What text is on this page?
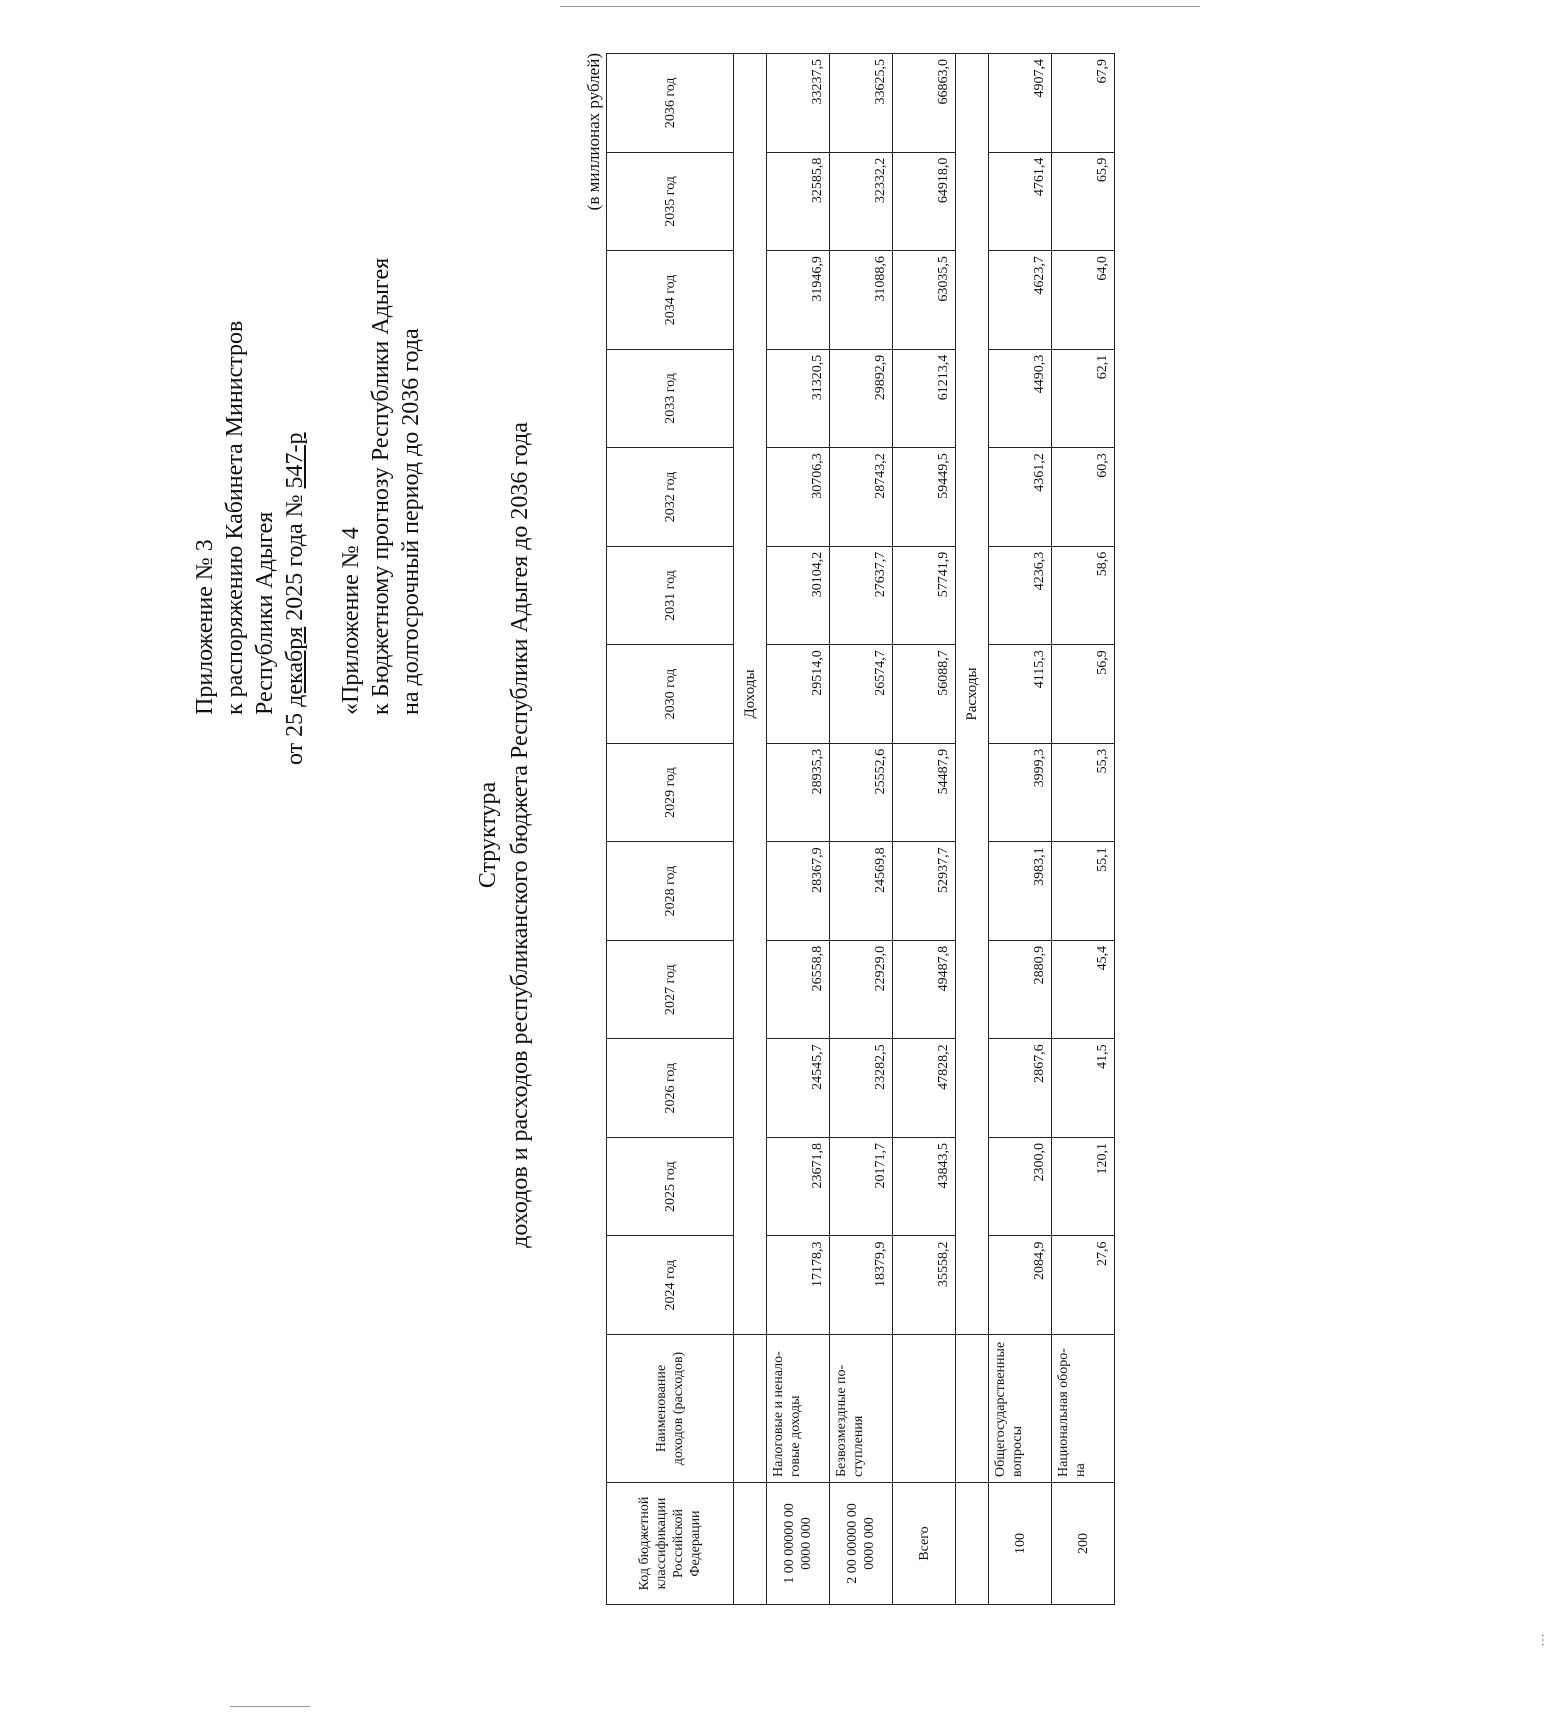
Приложение № 3 к распоряжению Кабинета Министров Республики Адыгея
от 25 декабря 2025 года № 547-р
«Приложение № 4 к Бюджетному прогнозу Республики Адыгея на долгосрочный период до 2036 года
Структура доходов и расходов республиканского бюджета Республики Адыгея до 2036 года
(в миллионах рублей)
Код бюджетной классификации Российской Федерации	Наименование доходов (расходов)	2024 год	2025 год	2026 год	2027 год	2028 год	2029 год	2030 год	2031 год	2032 год	2033 год	2034 год	2035 год	2036 год
		Доходы												
1 00 00000 00 0000 000	Налоговые и ненало-говые доходы	17178,3	23671,8	24545,7	26558,8	28367,9	28935,3	29514,0	30104,2	30706,3	31320,5	31946,9	32585,8	33237,5
2 00 00000 00 0000 000	Безвозмездные по-ступления	18379,9	20171,7	23282,5	22929,0	24569,8	25552,6	26574,7	27637,7	28743,2	29892,9	31088,6	32332,2	33625,5
Всего		35558,2	43843,5	47828,2	49487,8	52937,7	54487,9	56088,7	57741,9	59449,5	61213,4	63035,5	64918,0	66863,0
		Расходы												
100	Общегосударственные вопросы	2084,9	2300,0	2867,6	2880,9	3983,1	3999,3	4115,3	4236,3	4361,2	4490,3	4623,7	4761,4	4907,4
200	Национальная оборо-на	27,6	120,1	41,5	45,4	55,1	55,3	56,9	58,6	60,3	62,1	64,0	65,9	67,9
˙˙˙
